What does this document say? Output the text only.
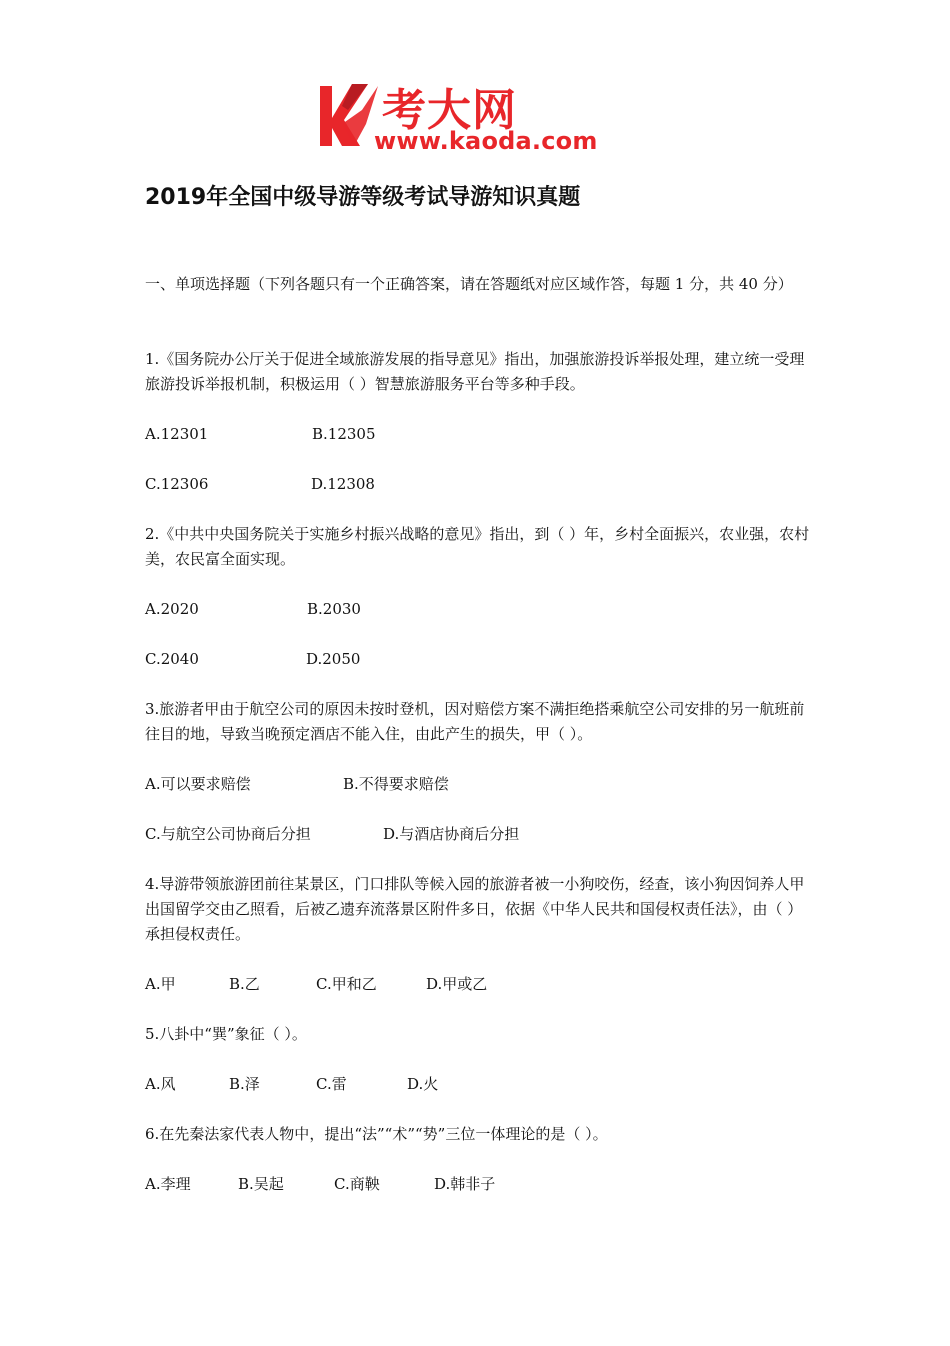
考大网
www.kaoda.com
2019年全国中级导游等级考试导游知识真题

一、单项选择题（下列各题只有一个正确答案，请在答题纸对应区域作答，每题 1 分，共 40 分）

1.《国务院办公厅关于促进全域旅游发展的指导意见》指出，加强旅游投诉举报处理，建立统一受理旅游投诉举报机制，积极运用（ ）智慧旅游服务平台等多种手段。

A.12301	B.12305
C.12306	D.12308

2.《中共中央国务院关于实施乡村振兴战略的意见》指出，到（ ）年，乡村全面振兴，农业强，农村美，农民富全面实现。

A.2020	B.2030
C.2040	D.2050

3.旅游者甲由于航空公司的原因未按时登机，因对赔偿方案不满拒绝搭乘航空公司安排的另一航班前往目的地，导致当晚预定酒店不能入住，由此产生的损失，甲（ ）。

A.可以要求赔偿	B.不得要求赔偿
C.与航空公司协商后分担	D.与酒店协商后分担

4.导游带领旅游团前往某景区，门口排队等候入园的旅游者被一小狗咬伤，经查，该小狗因饲养人甲出国留学交由乙照看，后被乙遗弃流落景区附件多日，依据《中华人民共和国侵权责任法》，由（ ）承担侵权责任。

A.甲	B.乙	C.甲和乙	D.甲或乙

5.八卦中“巽”象征（ ）。

A.风	B.泽	C.雷	D.火

6.在先秦法家代表人物中，提出“法”“术”“势”三位一体理论的是（ ）。

A.李理	B.吴起	C.商鞅	D.韩非子
